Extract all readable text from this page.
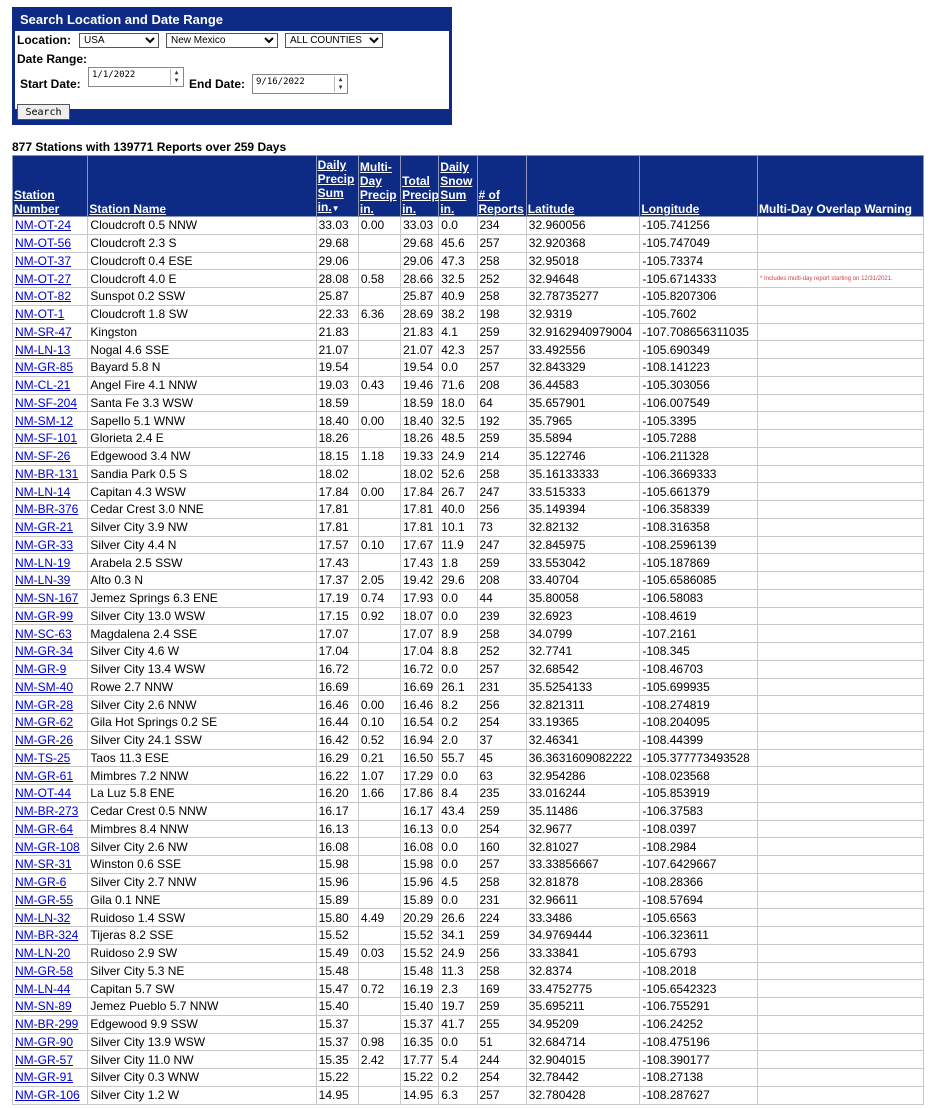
Search Location and Date Range
Location:
USA
New Mexico
ALL COUNTIES
Date Range:
Start Date:
1/1/2022	▲
▼ End Date:	9/16/2022	▲
▼
Search
877 Stations with 139771 Reports over 259 Days
Station Number	Station Name	Daily Precip Sum in.▼	Multi-Day Precip in.	Total Precip in.	Daily Snow Sum in.	# of Reports	Latitude	Longitude	Multi-Day Overlap Warning
NM-OT-24	Cloudcroft 0.5 NNW	33.03	0.00	33.03	0.0	234	32.960056	-105.741256	
NM-OT-56	Cloudcroft 2.3 S	29.68		29.68	45.6	257	32.920368	-105.747049	
NM-OT-37	Cloudcroft 0.4 ESE	29.06		29.06	47.3	258	32.95018	-105.73374	
NM-OT-27	Cloudcroft 4.0 E	28.08	0.58	28.66	32.5	252	32.94648	-105.6714333	* Includes multi-day report starting on 12/31/2021.
NM-OT-82	Sunspot 0.2 SSW	25.87		25.87	40.9	258	32.78735277	-105.8207306	
NM-OT-1	Cloudcroft 1.8 SW	22.33	6.36	28.69	38.2	198	32.9319	-105.7602	
NM-SR-47	Kingston	21.83		21.83	4.1	259	32.9162940979004	-107.708656311035	
NM-LN-13	Nogal 4.6 SSE	21.07		21.07	42.3	257	33.492556	-105.690349	
NM-GR-85	Bayard 5.8 N	19.54		19.54	0.0	257	32.843329	-108.141223	
NM-CL-21	Angel Fire 4.1 NNW	19.03	0.43	19.46	71.6	208	36.44583	-105.303056	
NM-SF-204	Santa Fe 3.3 WSW	18.59		18.59	18.0	64	35.657901	-106.007549	
NM-SM-12	Sapello 5.1 WNW	18.40	0.00	18.40	32.5	192	35.7965	-105.3395	
NM-SF-101	Glorieta 2.4 E	18.26		18.26	48.5	259	35.5894	-105.7288	
NM-SF-26	Edgewood 3.4 NW	18.15	1.18	19.33	24.9	214	35.122746	-106.211328	
NM-BR-131	Sandia Park 0.5 S	18.02		18.02	52.6	258	35.16133333	-106.3669333	
NM-LN-14	Capitan 4.3 WSW	17.84	0.00	17.84	26.7	247	33.515333	-105.661379	
NM-BR-376	Cedar Crest 3.0 NNE	17.81		17.81	40.0	256	35.149394	-106.358339	
NM-GR-21	Silver City 3.9 NW	17.81		17.81	10.1	73	32.82132	-108.316358	
NM-GR-33	Silver City 4.4 N	17.57	0.10	17.67	11.9	247	32.845975	-108.2596139	
NM-LN-19	Arabela 2.5 SSW	17.43		17.43	1.8	259	33.553042	-105.187869	
NM-LN-39	Alto 0.3 N	17.37	2.05	19.42	29.6	208	33.40704	-105.6586085	
NM-SN-167	Jemez Springs 6.3 ENE	17.19	0.74	17.93	0.0	44	35.80058	-106.58083	
NM-GR-99	Silver City 13.0 WSW	17.15	0.92	18.07	0.0	239	32.6923	-108.4619	
NM-SC-63	Magdalena 2.4 SSE	17.07		17.07	8.9	258	34.0799	-107.2161	
NM-GR-34	Silver City 4.6 W	17.04		17.04	8.8	252	32.7741	-108.345	
NM-GR-9	Silver City 13.4 WSW	16.72		16.72	0.0	257	32.68542	-108.46703	
NM-SM-40	Rowe 2.7 NNW	16.69		16.69	26.1	231	35.5254133	-105.699935	
NM-GR-28	Silver City 2.6 NNW	16.46	0.00	16.46	8.2	256	32.821311	-108.274819	
NM-GR-62	Gila Hot Springs 0.2 SE	16.44	0.10	16.54	0.2	254	33.19365	-108.204095	
NM-GR-26	Silver City 24.1 SSW	16.42	0.52	16.94	2.0	37	32.46341	-108.44399	
NM-TS-25	Taos 11.3 ESE	16.29	0.21	16.50	55.7	45	36.3631609082222	-105.377773493528	
NM-GR-61	Mimbres 7.2 NNW	16.22	1.07	17.29	0.0	63	32.954286	-108.023568	
NM-OT-44	La Luz 5.8 ENE	16.20	1.66	17.86	8.4	235	33.016244	-105.853919	
NM-BR-273	Cedar Crest 0.5 NNW	16.17		16.17	43.4	259	35.11486	-106.37583	
NM-GR-64	Mimbres 8.4 NNW	16.13		16.13	0.0	254	32.9677	-108.0397	
NM-GR-108	Silver City 2.6 NW	16.08		16.08	0.0	160	32.81027	-108.2984	
NM-SR-31	Winston 0.6 SSE	15.98		15.98	0.0	257	33.33856667	-107.6429667	
NM-GR-6	Silver City 2.7 NNW	15.96		15.96	4.5	258	32.81878	-108.28366	
NM-GR-55	Gila 0.1 NNE	15.89		15.89	0.0	231	32.96611	-108.57694	
NM-LN-32	Ruidoso 1.4 SSW	15.80	4.49	20.29	26.6	224	33.3486	-105.6563	
NM-BR-324	Tijeras 8.2 SSE	15.52		15.52	34.1	259	34.9769444	-106.323611	
NM-LN-20	Ruidoso 2.9 SW	15.49	0.03	15.52	24.9	256	33.33841	-105.6793	
NM-GR-58	Silver City 5.3 NE	15.48		15.48	11.3	258	32.8374	-108.2018	
NM-LN-44	Capitan 5.7 SW	15.47	0.72	16.19	2.3	169	33.4752775	-105.6542323	
NM-SN-89	Jemez Pueblo 5.7 NNW	15.40		15.40	19.7	259	35.695211	-106.755291	
NM-BR-299	Edgewood 9.9 SSW	15.37		15.37	41.7	255	34.95209	-106.24252	
NM-GR-90	Silver City 13.9 WSW	15.37	0.98	16.35	0.0	51	32.684714	-108.475196	
NM-GR-57	Silver City 11.0 NW	15.35	2.42	17.77	5.4	244	32.904015	-108.390177	
NM-GR-91	Silver City 0.3 WNW	15.22		15.22	0.2	254	32.78442	-108.27138	
NM-GR-106	Silver City 1.2 W	14.95		14.95	6.3	257	32.780428	-108.287627	
